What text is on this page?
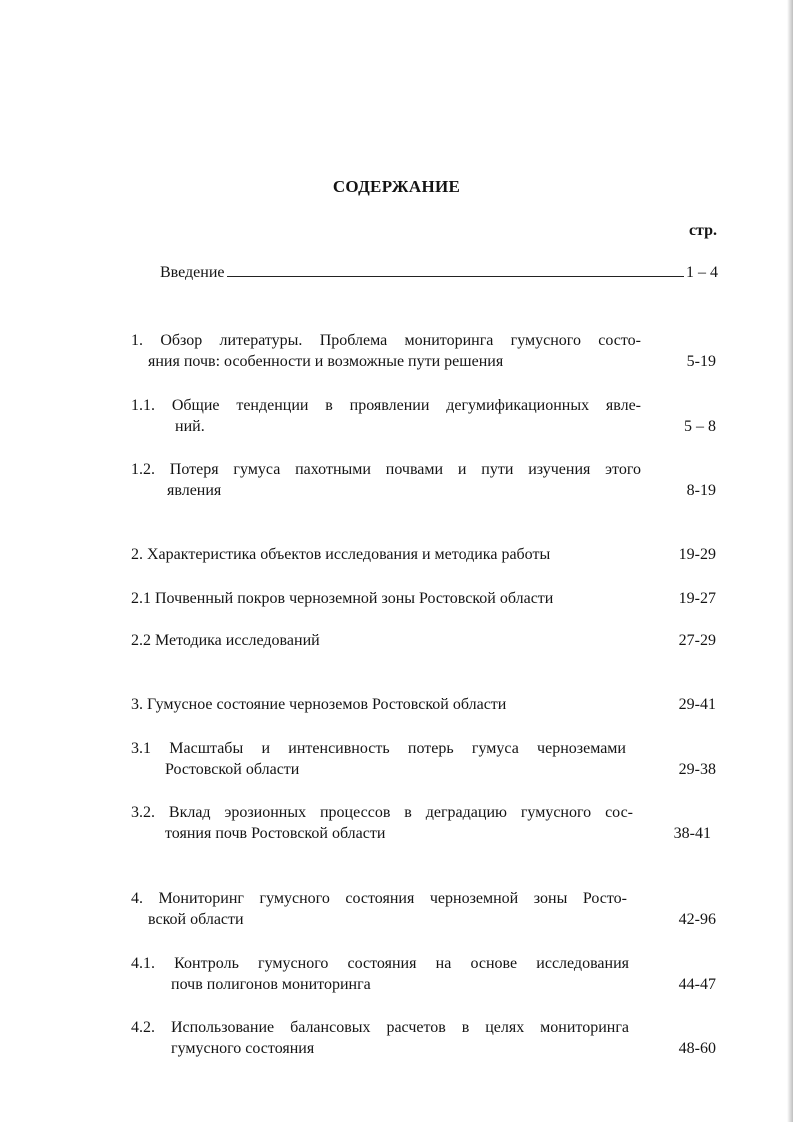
СОДЕРЖАНИЕ
стр.
Введение	1 – 4
1. Обзор литературы. Проблема мониторинга гумусного состо-
яния почв: особенности и возможные пути решения	5-19
1.1. Общие тенденции в проявлении дегумификационных явле-
ний.	5 – 8
1.2. Потеря гумуса пахотными почвами и пути изучения этого
явления	8-19
2. Характеристика объектов исследования и методика работы	19-29
2.1 Почвенный покров черноземной зоны Ростовской области	19-27
2.2 Методика исследований	27-29
3. Гумусное состояние черноземов Ростовской области	29-41
3.1 Масштабы и интенсивность потерь гумуса черноземами
Ростовской области	29-38
3.2. Вклад эрозионных процессов в деградацию гумусного сос-
тояния почв Ростовской области	38-41
4. Мониторинг гумусного состояния черноземной зоны Росто-
вской области	42-96
4.1. Контроль гумусного состояния на основе исследования
почв полигонов мониторинга	44-47
4.2. Использование балансовых расчетов в целях мониторинга
гумусного состояния	48-60
